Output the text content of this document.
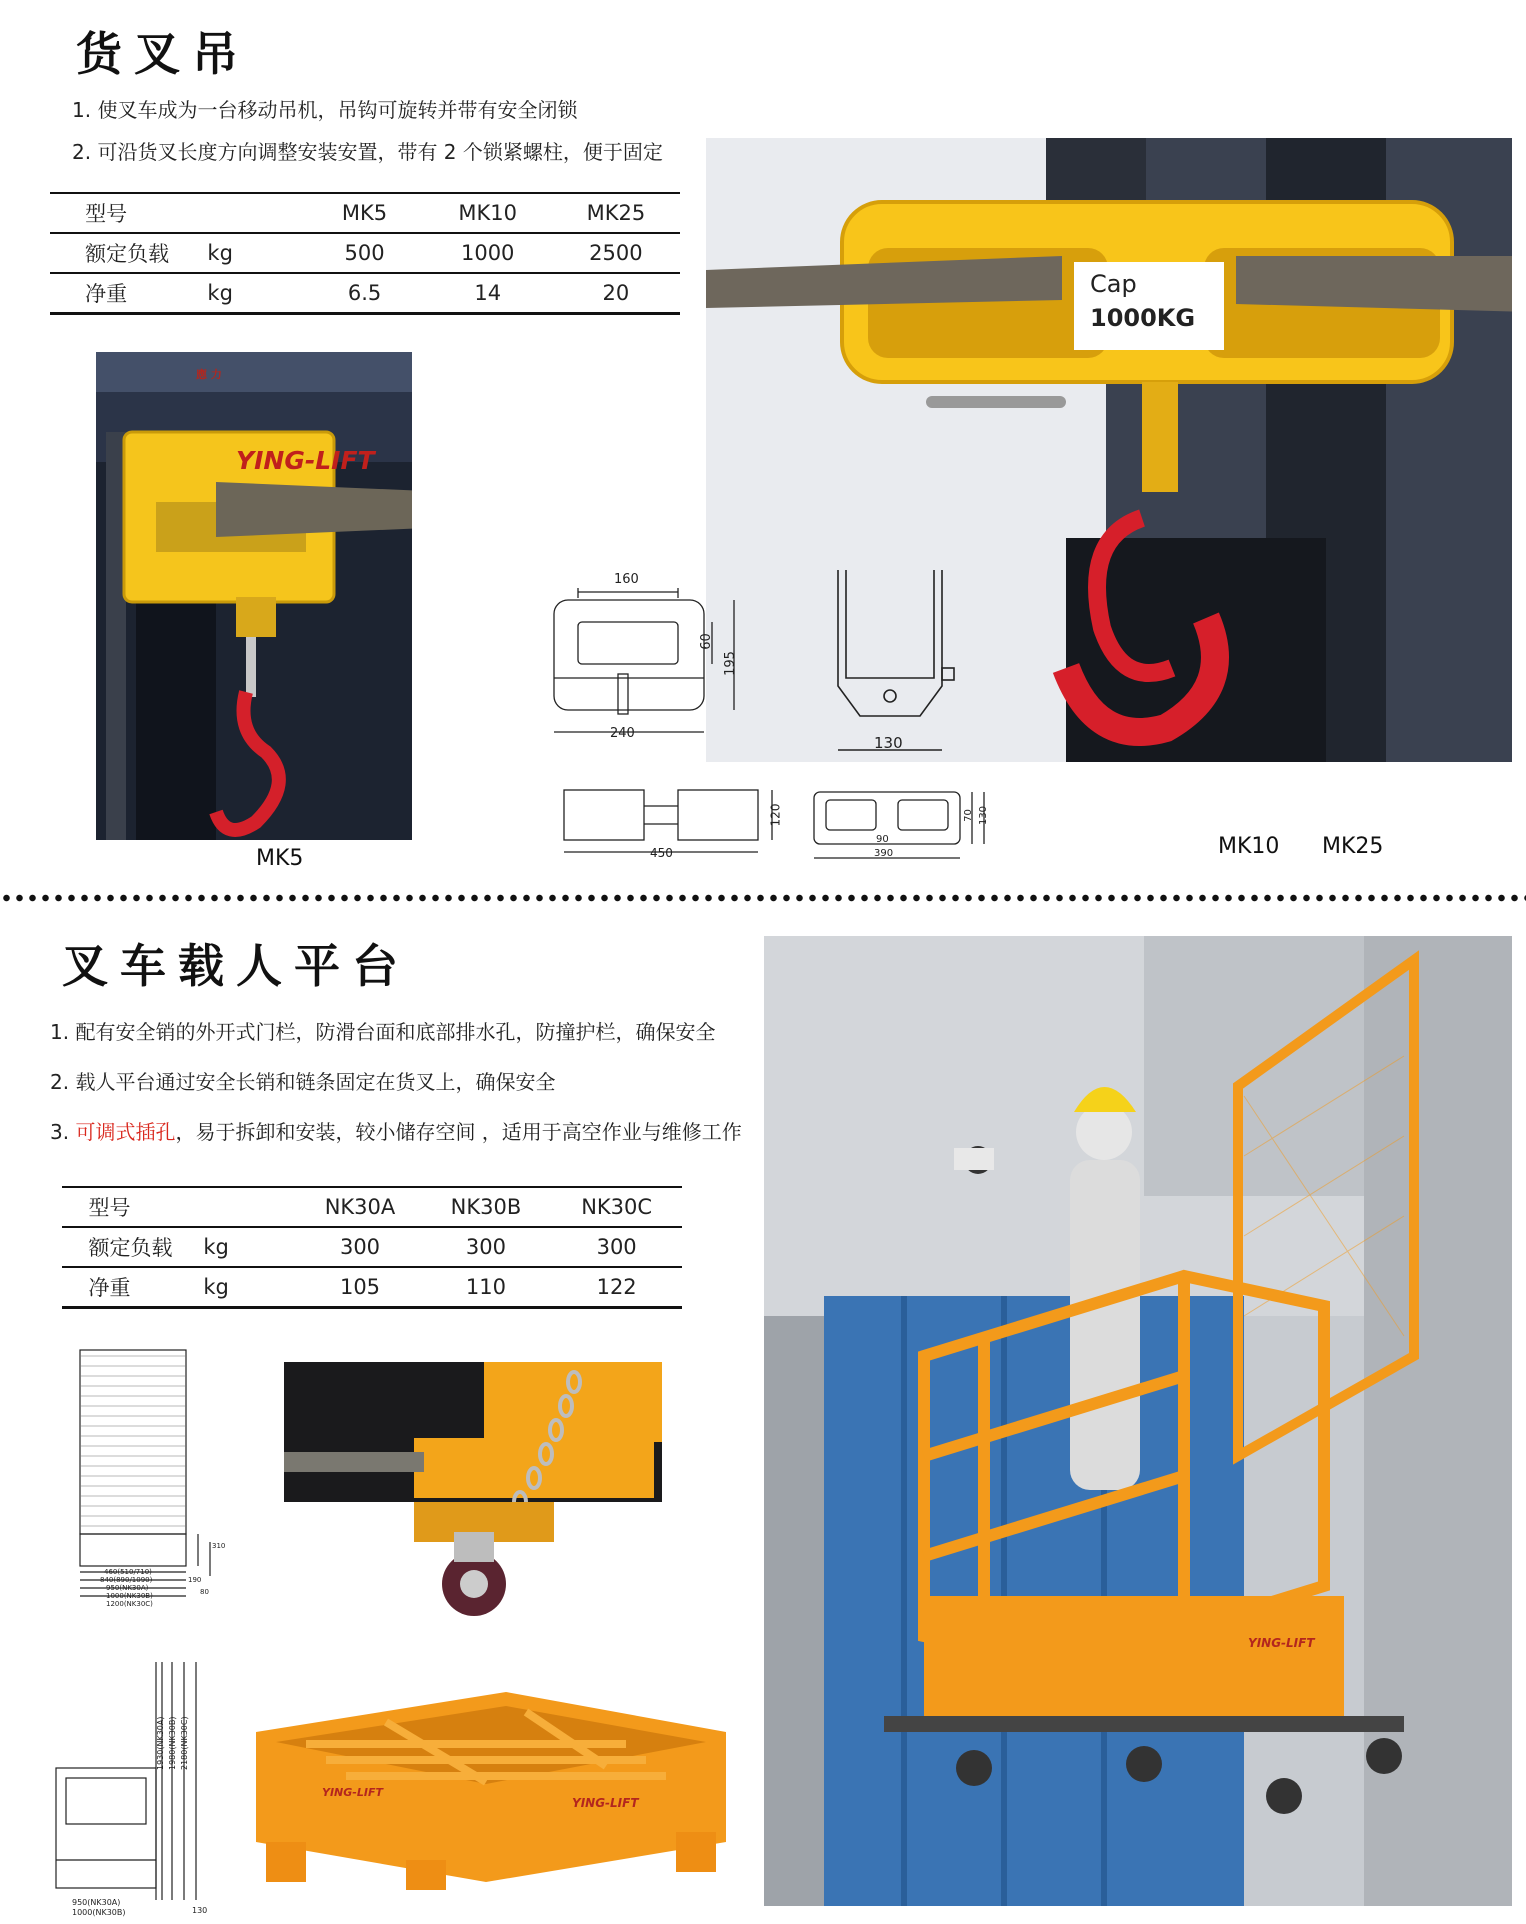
货叉吊
1. 使叉车成为一台移动吊机，吊钩可旋转并带有安全闭锁
2. 可沿货叉长度方向调整安装安置，带有 2 个锁紧螺柱，便于固定
	型号		MK5	MK10	MK25
	额定负载	kg	500	1000	2500
	净重	kg	6.5	14	20
應 力
YING-LIFT
MK5
Cap
1000KG
MK10 MK25
160
60
195
240
130
450
120
90
390
70 130
叉车载人平台
1. 配有安全销的外开式门栏，防滑台面和底部排水孔，防撞护栏，确保安全
2. 载人平台通过安全长销和链条固定在货叉上，确保安全
3. 可调式插孔，易于拆卸和安装，较小储存空间 ，适用于高空作业与维修工作
	型号		NK30A	NK30B	NK30C
	额定负载	kg	300	300	300
	净重	kg	105	110	122
460(510/710)
840(890/1090)
950(NK30A)
1000(NK30B)
1200(NK30C)
190
80
310
950(NK30A)
1000(NK30B)	130
1930(NK30A) 1980(NK30B) 2180(NK30C)
YING-LIFT
YING-LIFT
YING-LIFT
